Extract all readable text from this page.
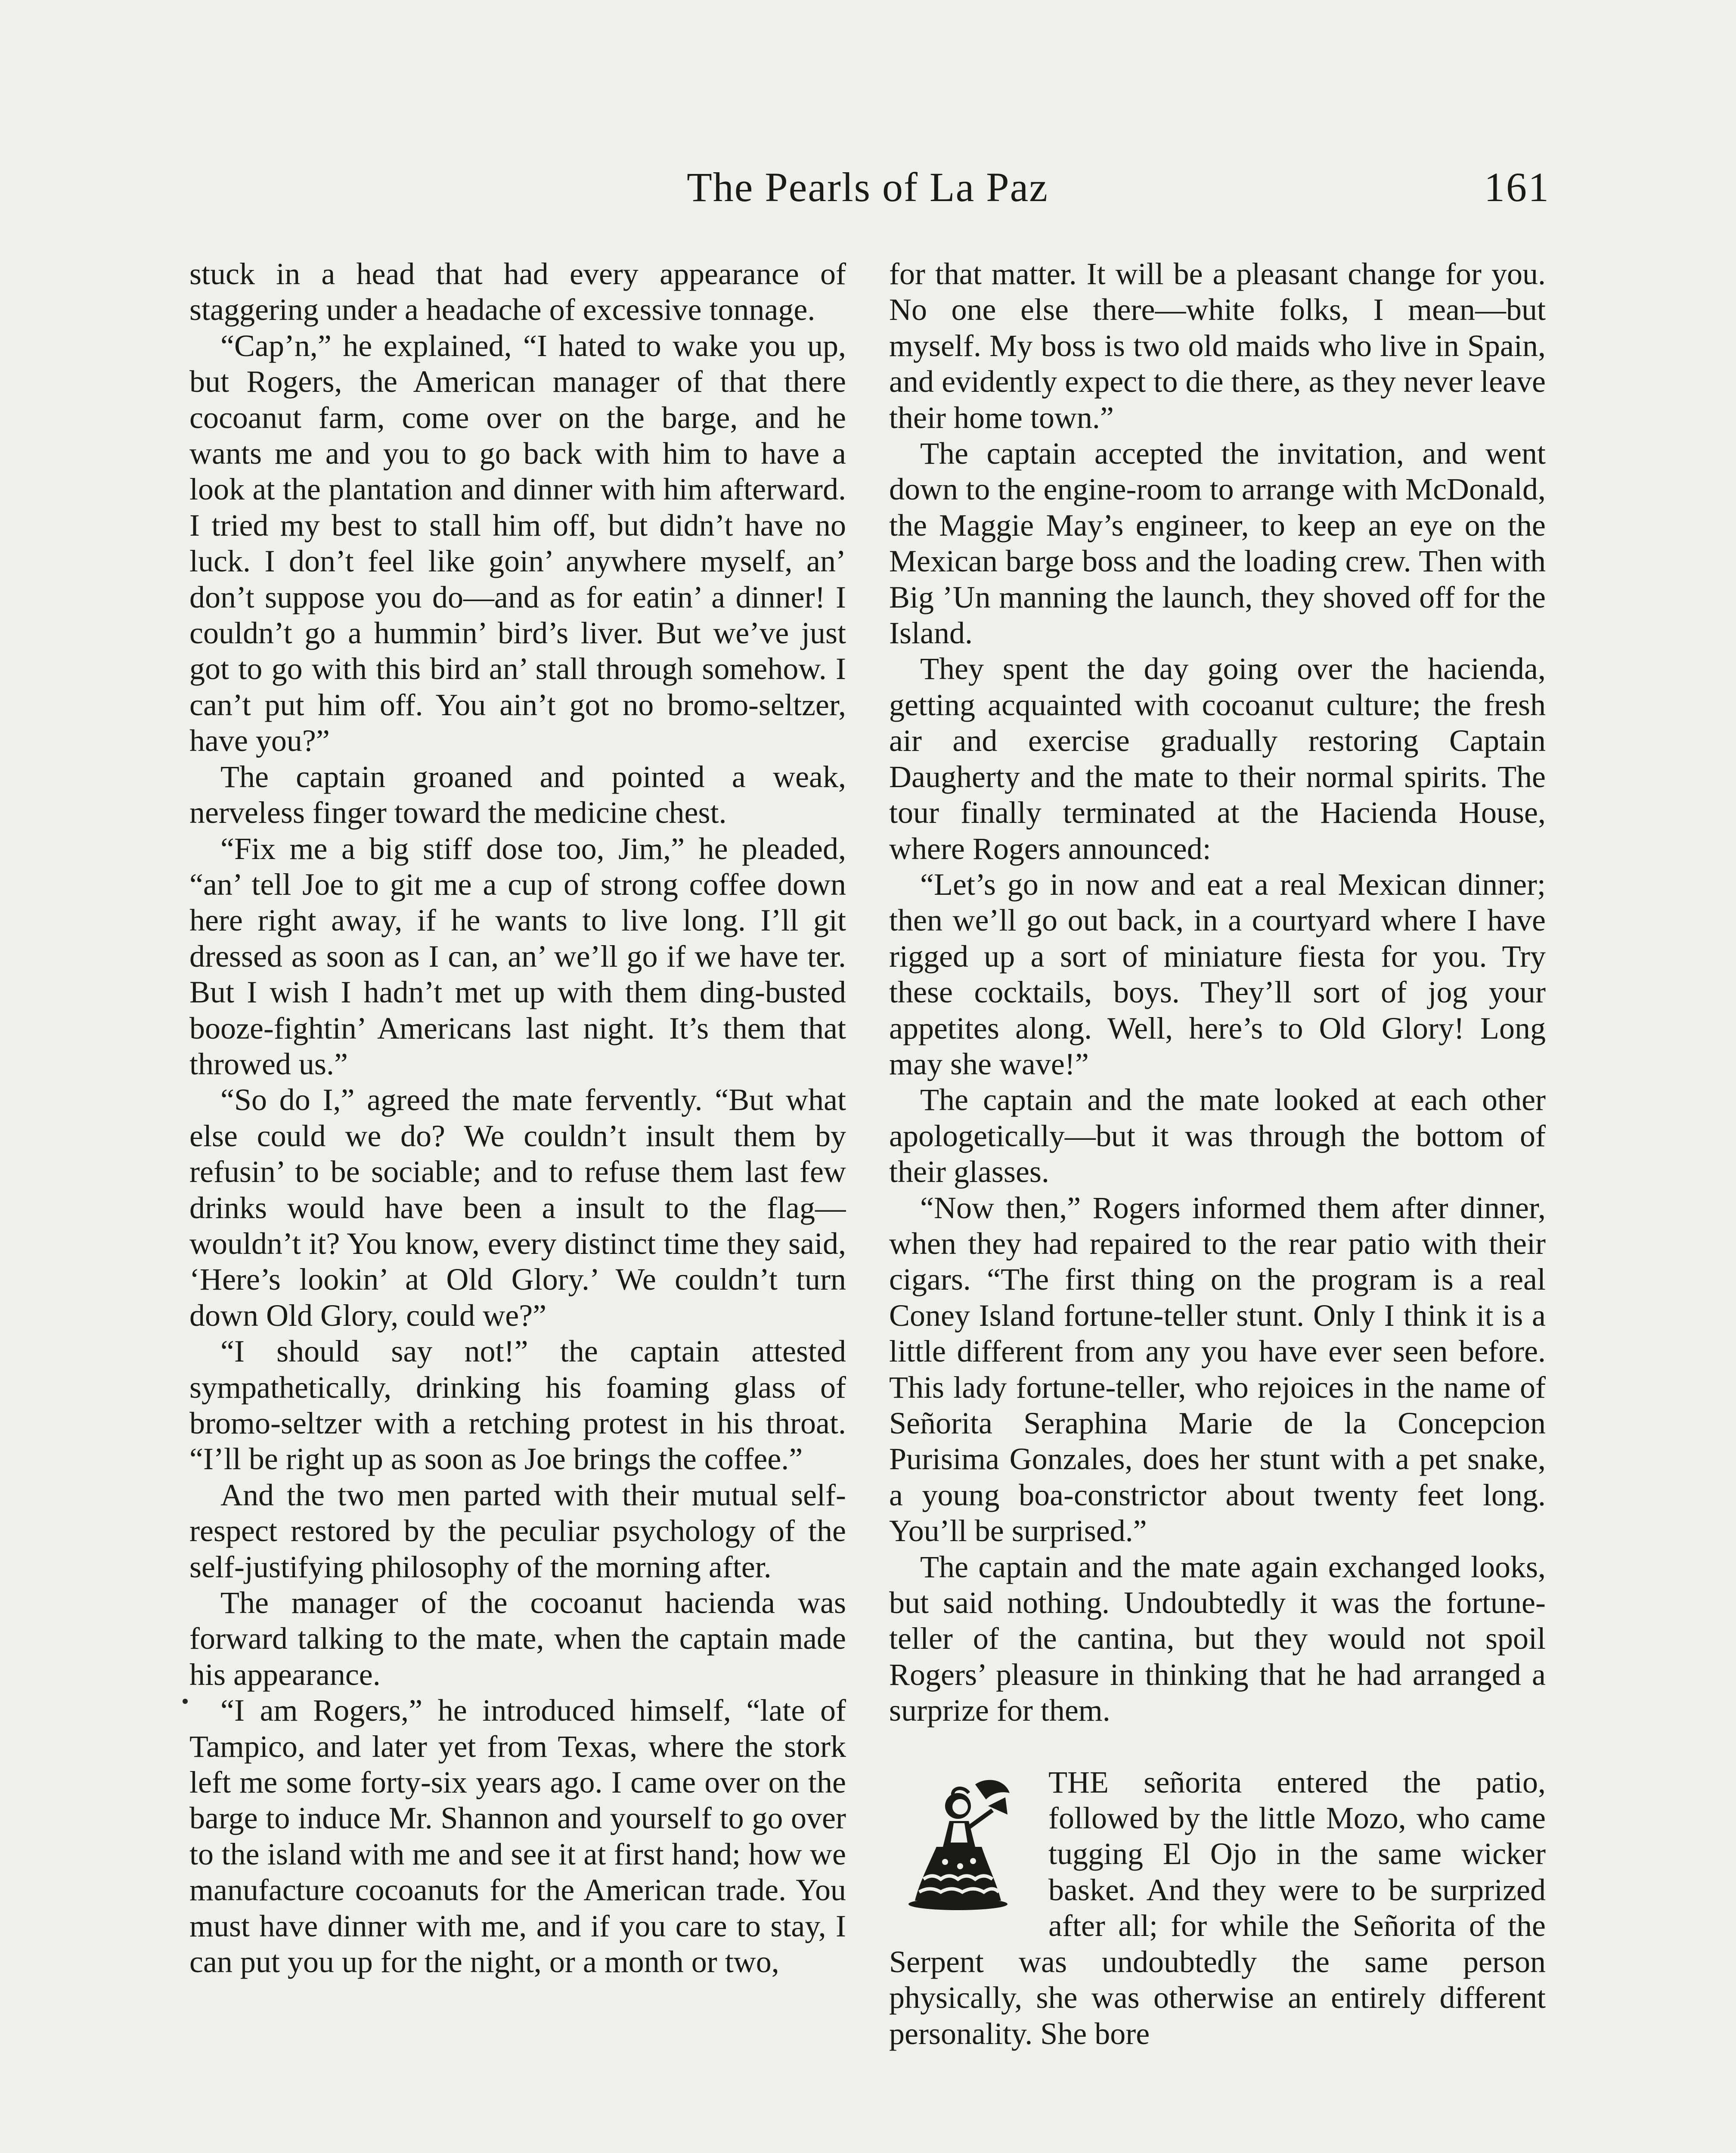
The Pearls of La Paz	161

stuck in a head that had every appearance of staggering under a headache of excessive tonnage.

“Cap’n,” he explained, “I hated to wake you up, but Rogers, the American manager of that there cocoanut farm, come over on the barge, and he wants me and you to go back with him to have a look at the plantation and dinner with him afterward. I tried my best to stall him off, but didn’t have no luck. I don’t feel like goin’ anywhere myself, an’ don’t suppose you do—and as for eatin’ a dinner! I couldn’t go a hummin’ bird’s liver. But we’ve just got to go with this bird an’ stall through somehow. I can’t put him off. You ain’t got no bromo-seltzer, have you?”

The captain groaned and pointed a weak, nerveless finger toward the medicine chest.

“Fix me a big stiff dose too, Jim,” he pleaded, “an’ tell Joe to git me a cup of strong coffee down here right away, if he wants to live long. I’ll git dressed as soon as I can, an’ we’ll go if we have ter. But I wish I hadn’t met up with them ding-busted booze-fightin’ Americans last night. It’s them that throwed us.”

“So do I,” agreed the mate fervently. “But what else could we do? We couldn’t insult them by refusin’ to be sociable; and to refuse them last few drinks would have been a insult to the flag—wouldn’t it? You know, every distinct time they said, ‘Here’s lookin’ at Old Glory.’ We couldn’t turn down Old Glory, could we?”

“I should say not!” the captain attested sympathetically, drinking his foaming glass of bromo-seltzer with a retching protest in his throat. “I’ll be right up as soon as Joe brings the coffee.”

And the two men parted with their mutual self-respect restored by the peculiar psychology of the self-justifying philosophy of the morning after.

The manager of the cocoanut hacienda was forward talking to the mate, when the captain made his appearance.

“I am Rogers,” he introduced himself, “late of Tampico, and later yet from Texas, where the stork left me some forty-six years ago. I came over on the barge to induce Mr. Shannon and yourself to go over to the island with me and see it at first hand; how we manufacture cocoanuts for the American trade. You must have dinner with me, and if you care to stay, I can put you up for the night, or a month or two,

for that matter. It will be a pleasant change for you. No one else there—white folks, I mean—but myself. My boss is two old maids who live in Spain, and evidently expect to die there, as they never leave their home town.”

The captain accepted the invitation, and went down to the engine-room to arrange with McDonald, the Maggie May’s engineer, to keep an eye on the Mexican barge boss and the loading crew. Then with Big ’Un manning the launch, they shoved off for the Island.

They spent the day going over the hacienda, getting acquainted with cocoanut culture; the fresh air and exercise gradually restoring Captain Daugherty and the mate to their normal spirits. The tour finally terminated at the Hacienda House, where Rogers announced:

“Let’s go in now and eat a real Mexican dinner; then we’ll go out back, in a courtyard where I have rigged up a sort of miniature fiesta for you. Try these cocktails, boys. They’ll sort of jog your appetites along. Well, here’s to Old Glory! Long may she wave!”

The captain and the mate looked at each other apologetically—but it was through the bottom of their glasses.

“Now then,” Rogers informed them after dinner, when they had repaired to the rear patio with their cigars. “The first thing on the program is a real Coney Island fortune-teller stunt. Only I think it is a little different from any you have ever seen before. This lady fortune-teller, who rejoices in the name of Señorita Seraphina Marie de la Concepcion Purisima Gonzales, does her stunt with a pet snake, a young boa-constrictor about twenty feet long. You’ll be surprised.”

The captain and the mate again exchanged looks, but said nothing. Undoubtedly it was the fortune-teller of the cantina, but they would not spoil Rogers’ pleasure in thinking that he had arranged a surprize for them.

THE señorita entered the patio, followed by the little Mozo, who came tugging El Ojo in the same wicker basket. And they were to be surprized after all; for while the Señorita of the Serpent was undoubtedly the same person physically, she was otherwise an entirely different personality. She bore
